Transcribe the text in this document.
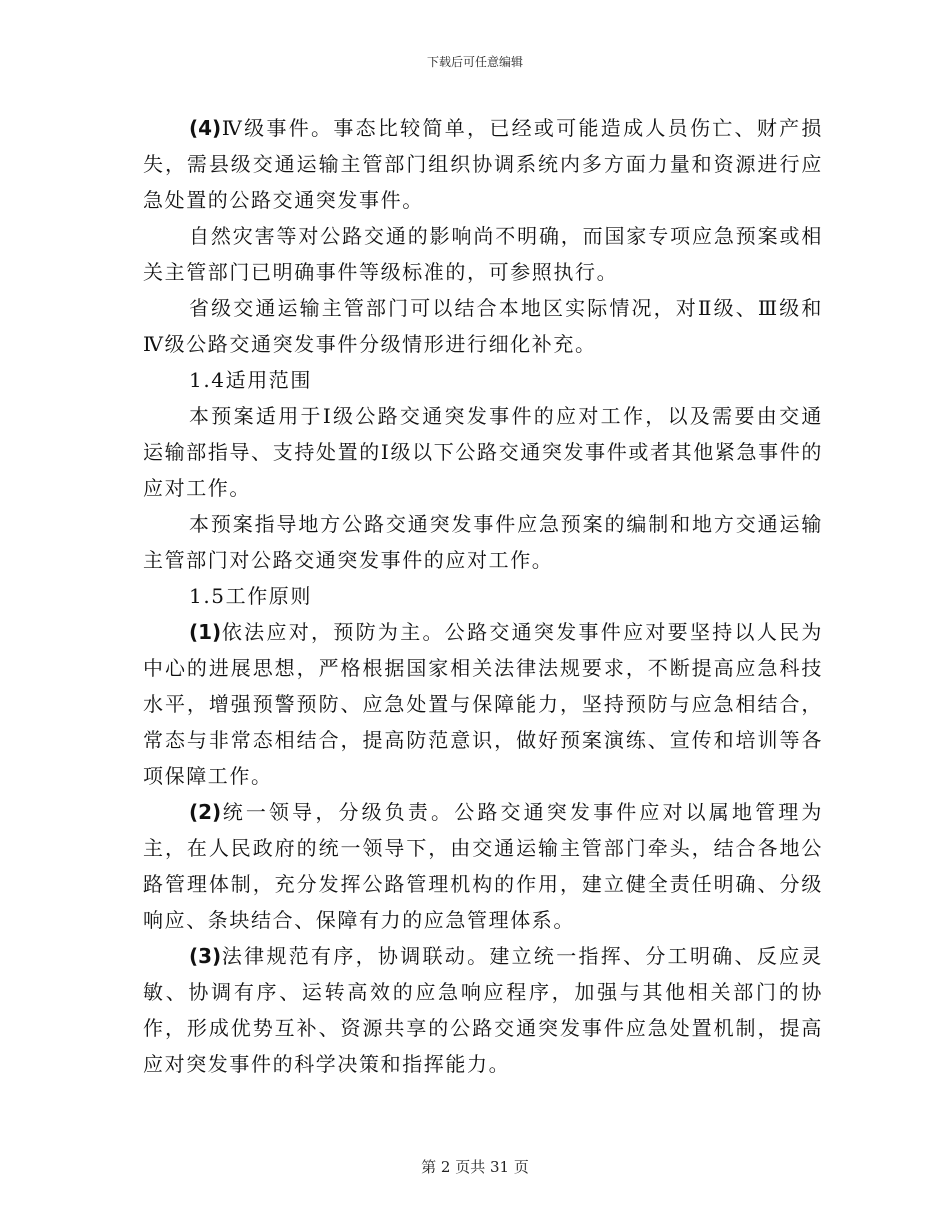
下载后可任意编辑

(4)Ⅳ级事件。事态比较简单，已经或可能造成人员伤亡、财产损失，需县级交通运输主管部门组织协调系统内多方面力量和资源进行应急处置的公路交通突发事件。

自然灾害等对公路交通的影响尚不明确，而国家专项应急预案或相关主管部门已明确事件等级标准的，可参照执行。

省级交通运输主管部门可以结合本地区实际情况，对Ⅱ级、Ⅲ级和Ⅳ级公路交通突发事件分级情形进行细化补充。

1.4适用范围

本预案适用于Ⅰ级公路交通突发事件的应对工作，以及需要由交通运输部指导、支持处置的Ⅰ级以下公路交通突发事件或者其他紧急事件的应对工作。

本预案指导地方公路交通突发事件应急预案的编制和地方交通运输主管部门对公路交通突发事件的应对工作。

1.5工作原则

(1)依法应对，预防为主。公路交通突发事件应对要坚持以人民为中心的进展思想，严格根据国家相关法律法规要求，不断提高应急科技水平，增强预警预防、应急处置与保障能力，坚持预防与应急相结合，常态与非常态相结合，提高防范意识，做好预案演练、宣传和培训等各项保障工作。

(2)统一领导，分级负责。公路交通突发事件应对以属地管理为主，在人民政府的统一领导下，由交通运输主管部门牵头，结合各地公路管理体制，充分发挥公路管理机构的作用，建立健全责任明确、分级响应、条块结合、保障有力的应急管理体系。

(3)法律规范有序，协调联动。建立统一指挥、分工明确、反应灵敏、协调有序、运转高效的应急响应程序，加强与其他相关部门的协作，形成优势互补、资源共享的公路交通突发事件应急处置机制，提高应对突发事件的科学决策和指挥能力。

第 2 页共 31 页
